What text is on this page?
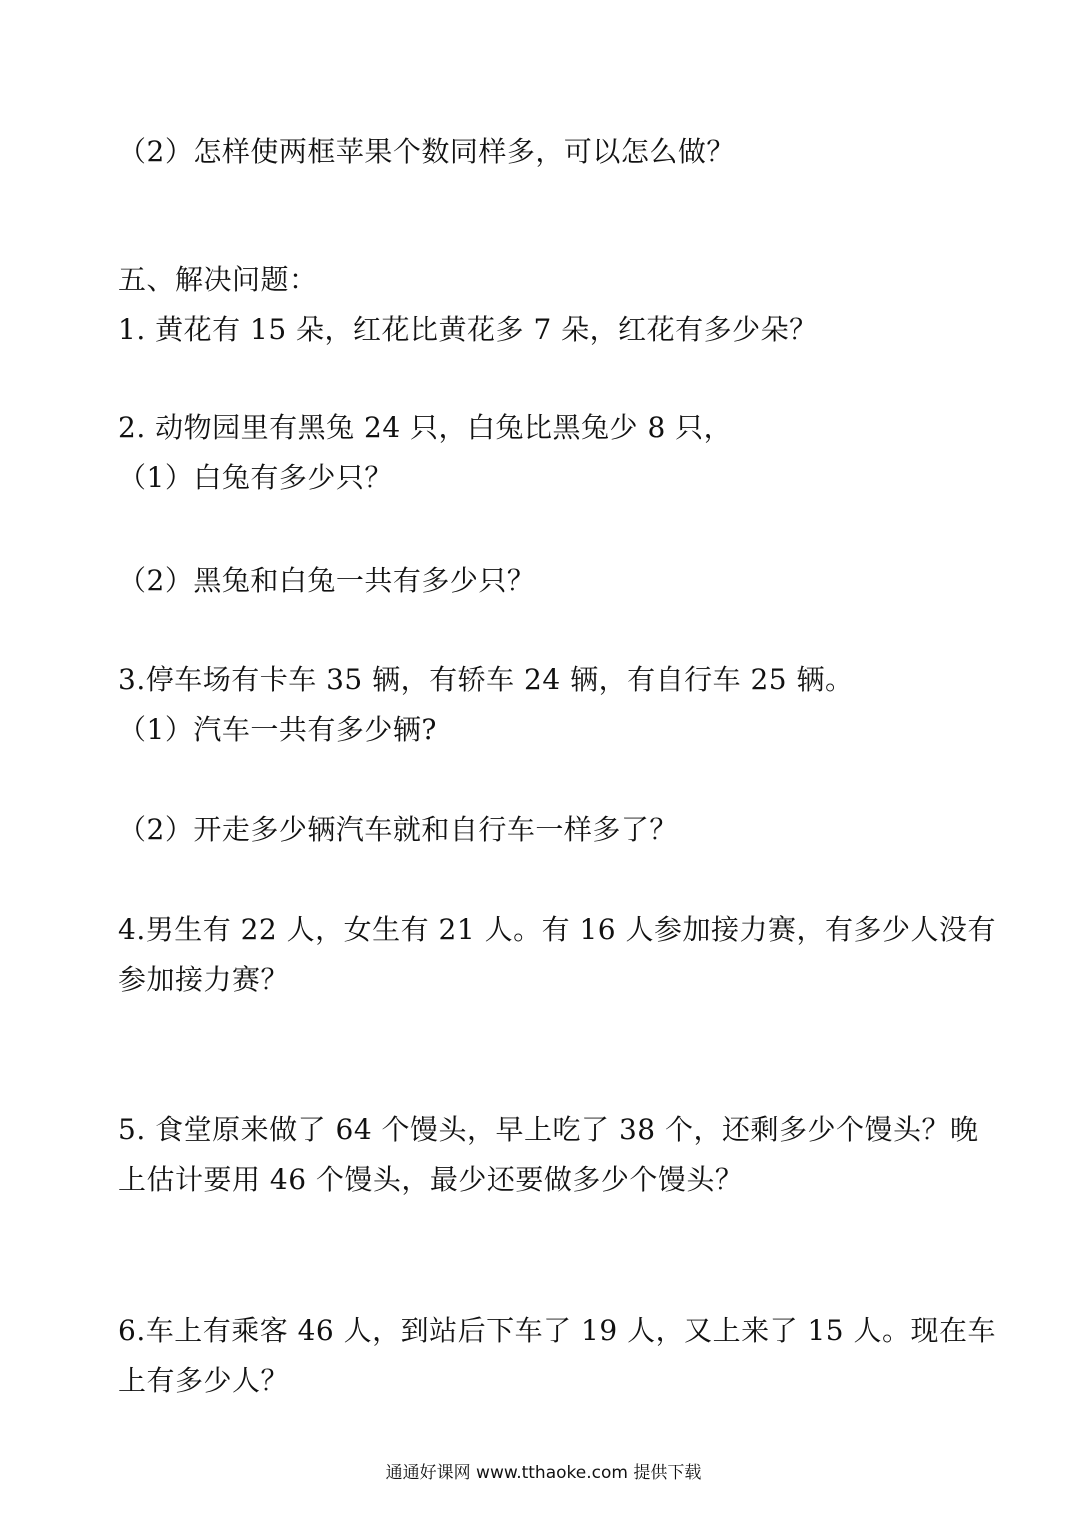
（2）怎样使两框苹果个数同样多，可以怎么做？
五、解决问题：
1. 黄花有 15 朵，红花比黄花多 7 朵，红花有多少朵？
2. 动物园里有黑兔 24 只，白兔比黑兔少 8 只，
（1）白兔有多少只？
（2）黑兔和白兔一共有多少只？
3.停车场有卡车 35 辆，有轿车 24 辆，有自行车 25 辆。
（1）汽车一共有多少辆?
（2）开走多少辆汽车就和自行车一样多了？
4.男生有 22 人，女生有 21 人。有 16 人参加接力赛，有多少人没有
参加接力赛？
5. 食堂原来做了 64 个馒头，早上吃了 38 个，还剩多少个馒头？晚
上估计要用 46 个馒头，最少还要做多少个馒头？
6.车上有乘客 46 人，到站后下车了 19 人，又上来了 15 人。现在车
上有多少人？
通通好课网 www.tthaoke.com 提供下载
